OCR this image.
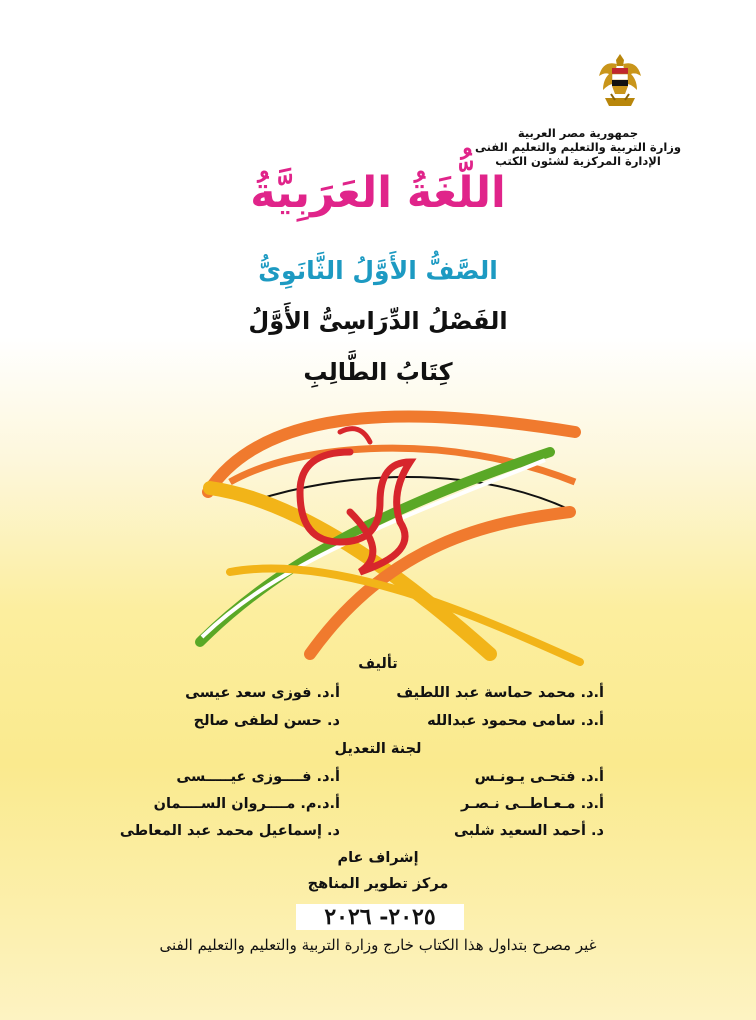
جمهورية مصر العربية
وزارة التربية والتعليم والتعليم الفنى
الإدارة المركزية لشئون الكتب
اللُّغَةُ العَرَبِيَّةُ
الصَّفُّ الأَوَّلُ الثَّانَوِىُّ
الفَصْلُ الدِّرَاسِىُّ الأَوَّلُ
كِتَابُ الطَّالِبِ
تأليف
أ.د. محمد حماسة عبد اللطيف
أ.د. فوزى سعد عيسى
أ.د. سامى محمود عبدالله
د. حسن لطفى صالح
لجنة التعديل
أ.د. فتحـى يـونـس
أ.د. فــــوزى عيـــــسى
أ.د. مـعـاطــى نـصـر
أ.د.م. مــــروان الســــمان
د. أحمد السعيد شلبى
د. إسماعيل محمد عبد المعاطى
إشراف عام
مركز تطوير المناهج
٢٠٢٥- ٢٠٢٦
غير مصرح بتداول هذا الكتاب خارج وزارة التربية والتعليم والتعليم الفنى
